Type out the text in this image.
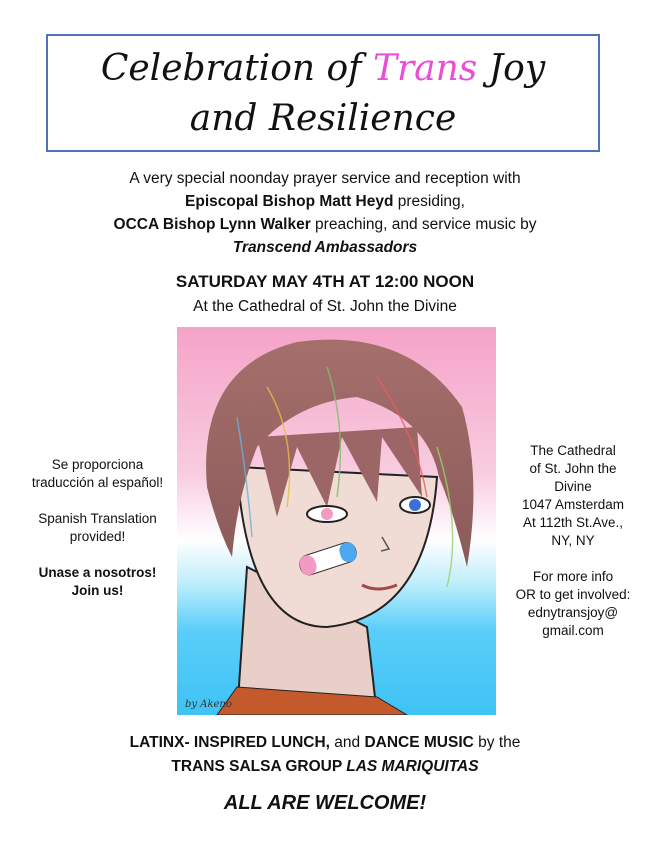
Celebration of Trans Joy
and Resilience
A very special noonday prayer service and reception with
Episcopal Bishop Matt Heyd presiding,
OCCA Bishop Lynn Walker preaching, and service music by
Transcend Ambassadors
SATURDAY MAY 4TH AT 12:00 NOON
At the Cathedral of St. John the Divine
by Akeno

Se proporciona
traducción al español!

Spanish Translation
provided!

Unase a nosotros!
Join us!

The Cathedral
of St. John the
Divine
1047 Amsterdam
At 112th St.Ave.,
NY, NY

For more info
OR to get involved:
ednytransjoy@
gmail.com

LATINX- INSPIRED LUNCH, and DANCE MUSIC by the
TRANS SALSA GROUP LAS MARIQUITAS
ALL ARE WELCOME!
